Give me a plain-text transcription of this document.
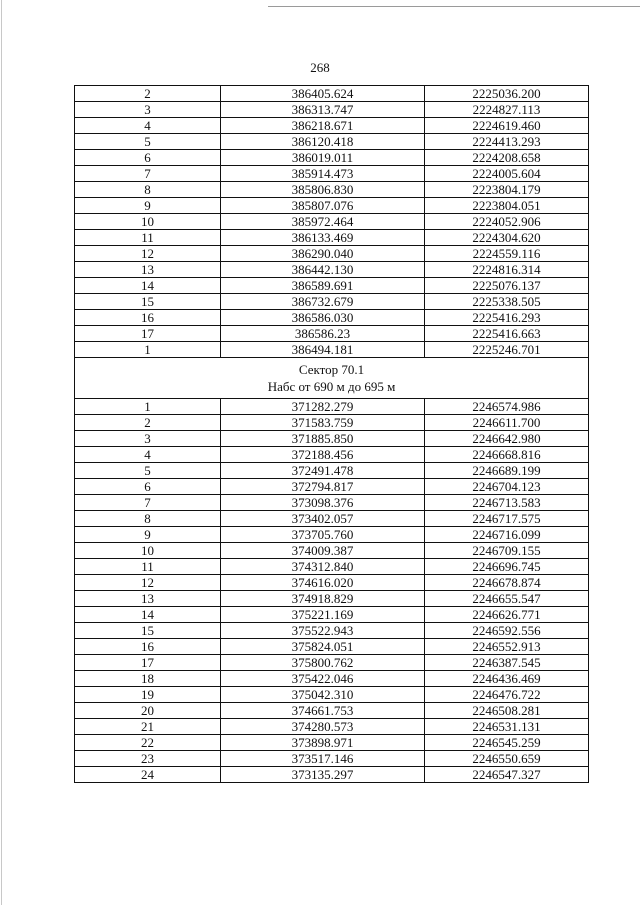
268
2	386405.624	2225036.200
3	386313.747	2224827.113
4	386218.671	2224619.460
5	386120.418	2224413.293
6	386019.011	2224208.658
7	385914.473	2224005.604
8	385806.830	2223804.179
9	385807.076	2223804.051
10	385972.464	2224052.906
11	386133.469	2224304.620
12	386290.040	2224559.116
13	386442.130	2224816.314
14	386589.691	2225076.137
15	386732.679	2225338.505
16	386586.030	2225416.293
17	386586.23	2225416.663
1	386494.181	2225246.701

Сектор 70.1
Набс от 690 м до 695 м		

1	371282.279	2246574.986
2	371583.759	2246611.700
3	371885.850	2246642.980
4	372188.456	2246668.816
5	372491.478	2246689.199
6	372794.817	2246704.123
7	373098.376	2246713.583
8	373402.057	2246717.575
9	373705.760	2246716.099
10	374009.387	2246709.155
11	374312.840	2246696.745
12	374616.020	2246678.874
13	374918.829	2246655.547
14	375221.169	2246626.771
15	375522.943	2246592.556
16	375824.051	2246552.913
17	375800.762	2246387.545
18	375422.046	2246436.469
19	375042.310	2246476.722
20	374661.753	2246508.281
21	374280.573	2246531.131
22	373898.971	2246545.259
23	373517.146	2246550.659
24	373135.297	2246547.327
